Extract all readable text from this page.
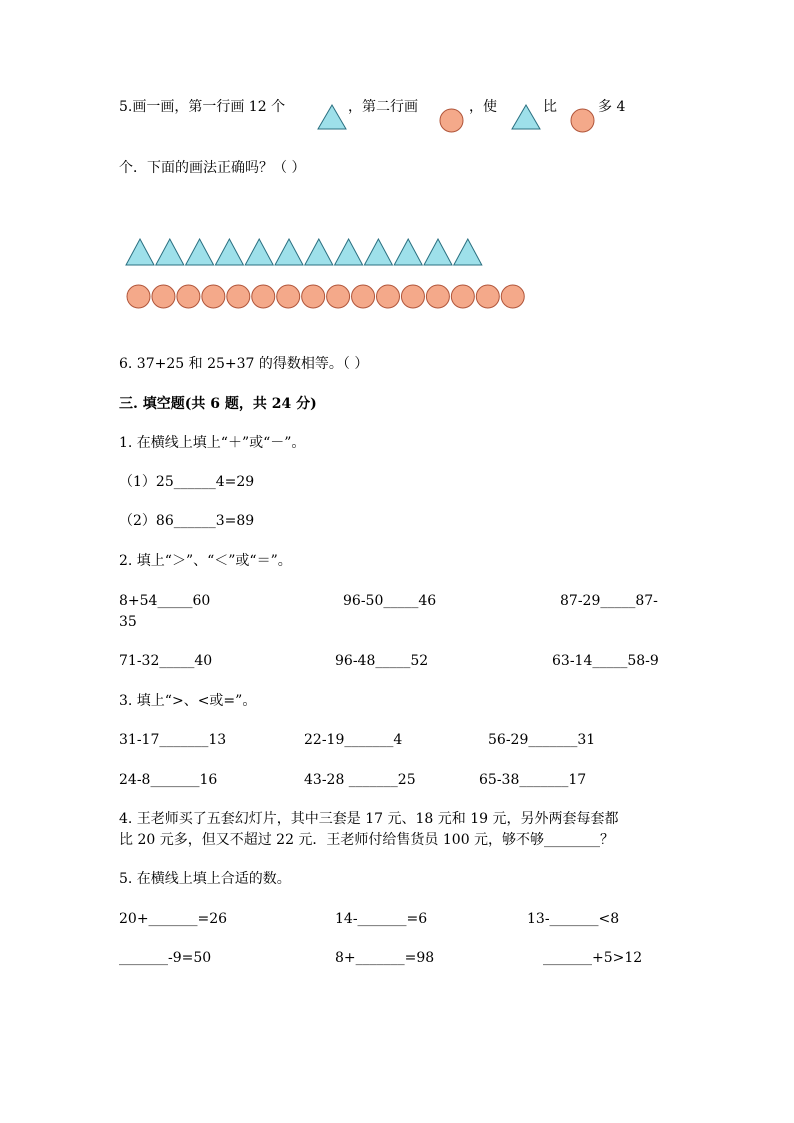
5.画一画，第一行画 12 个	，第二行画	，使	比	多 4
个．下面的画法正确吗？（ ）
6. 37+25 和 25+37 的得数相等。（ ）
三. 填空题(共 6 题，共 24 分)
1. 在横线上填上“＋”或“－”。
（1）25______4=29
（2）86______3=89
2. 填上“＞”、“＜”或“＝”。
8+54_____60	96-50_____46	87-29_____87-
35
71-32_____40	96-48_____52	63-14_____58-9
3. 填上“>、<或=”。
31-17_______13	22-19_______4	56-29_______31
24-8_______16	43-28 _______25	65-38_______17
4. 王老师买了五套幻灯片，其中三套是 17 元、18 元和 19 元，另外两套每套都
比 20 元多，但又不超过 22 元．王老师付给售货员 100 元，够不够________？
5. 在横线上填上合适的数。
20+_______=26	14-_______=6	13-_______<8
_______-9=50	8+_______=98	_______+5>12
